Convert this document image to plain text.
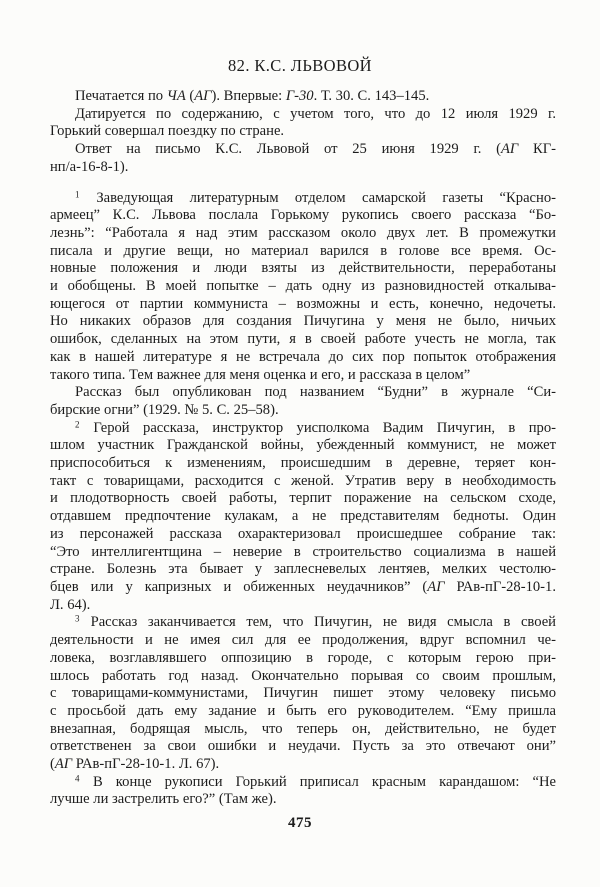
82. К.С. ЛЬВОВОЙ
Печатается по ЧА (АГ). Впервые: Г-30. Т. 30. С. 143–145.
Датируется по содержанию, с учетом того, что до 12 июля 1929 г.
Горький совершал поездку по стране.
Ответ на письмо К.С. Львовой от 25 июня 1929 г. (АГ КГ-
нп/а-16-8-1).
$^1$ Заведующая литературным отделом самарской газеты “Красно-
армеец” К.С. Львова послала Горькому рукопись своего рассказа “Бо-
лезнь”: “Работала я над этим рассказом около двух лет. В промежутки
писала и другие вещи, но материал варился в голове все время. Ос-
новные положения и люди взяты из действительности, переработаны
и обобщены. В моей попытке – дать одну из разновидностей откалыва-
ющегося от партии коммуниста – возможны и есть, конечно, недочеты.
Но никаких образов для создания Пичугина у меня не было, ничьих
ошибок, сделанных на этом пути, я в своей работе учесть не могла, так
как в нашей литературе я не встречала до сих пор попыток отображения
такого типа. Тем важнее для меня оценка и его, и рассказа в целом”
Рассказ был опубликован под названием “Будни” в журнале “Си-
бирские огни” (1929. № 5. С. 25–58).
$^2$ Герой рассказа, инструктор уисполкома Вадим Пичугин, в про-
шлом участник Гражданской войны, убежденный коммунист, не может
приспособиться к изменениям, происшедшим в деревне, теряет кон-
такт с товарищами, расходится с женой. Утратив веру в необходимость
и плодотворность своей работы, терпит поражение на сельском сходе,
отдавшем предпочтение кулакам, а не представителям бедноты. Один
из персонажей рассказа охарактеризовал происшедшее собрание так:
“Это интеллигентщина – неверие в строительство социализма в нашей
стране. Болезнь эта бывает у заплесневелых лентяев, мелких честолю-
бцев или у капризных и обиженных неудачников” (АГ РАв-пГ-28-10-1.
Л. 64).
$^3$ Рассказ заканчивается тем, что Пичугин, не видя смысла в своей
деятельности и не имея сил для ее продолжения, вдруг вспомнил че-
ловека, возглавлявшего оппозицию в городе, с которым герою при-
шлось работать год назад. Окончательно порывая со своим прошлым,
с товарищами-коммунистами, Пичугин пишет этому человеку письмо
с просьбой дать ему задание и быть его руководителем. “Ему пришла
внезапная, бодрящая мысль, что теперь он, действительно, не будет
ответственен за свои ошибки и неудачи. Пусть за это отвечают они”
(АГ РАв-пГ-28-10-1. Л. 67).
$^4$ В конце рукописи Горький приписал красным карандашом: “Не
лучше ли застрелить его?” (Там же).
475
